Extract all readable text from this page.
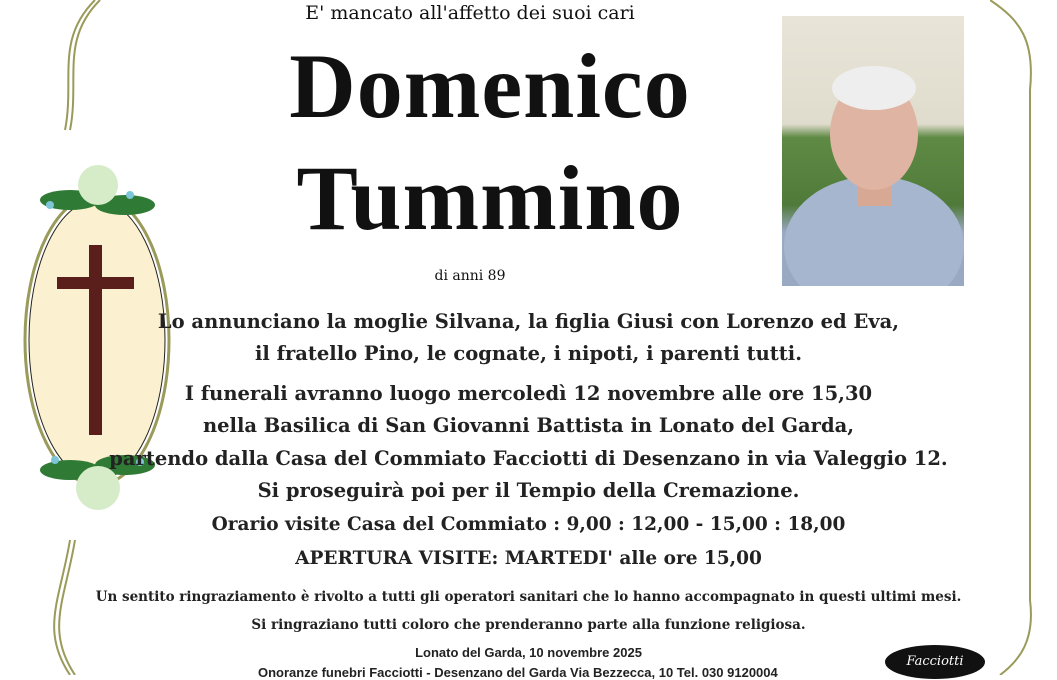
E' mancato all'affetto dei suoi cari
Domenico
Tummino
di anni 89
Lo annunciano la moglie Silvana, la figlia Giusi con Lorenzo ed Eva,
il fratello Pino, le cognate, i nipoti, i parenti tutti.
I funerali avranno luogo mercoledì 12 novembre alle ore 15,30
nella Basilica di San Giovanni Battista in Lonato del Garda,
partendo dalla Casa del Commiato Facciotti di Desenzano in via Valeggio 12.
Si proseguirà poi per il Tempio della Cremazione.
Orario visite Casa del Commiato : 9,00 : 12,00 - 15,00 : 18,00
APERTURA VISITE: MARTEDI' alle ore 15,00
Un sentito ringraziamento è rivolto a tutti gli operatori sanitari che lo hanno accompagnato in questi ultimi mesi.
Si ringraziano tutti coloro che prenderanno parte alla funzione religiosa.
Lonato del Garda, 10 novembre 2025
Onoranze funebri Facciotti - Desenzano del Garda Via Bezzecca, 10 Tel. 030 9120004
Facciotti
